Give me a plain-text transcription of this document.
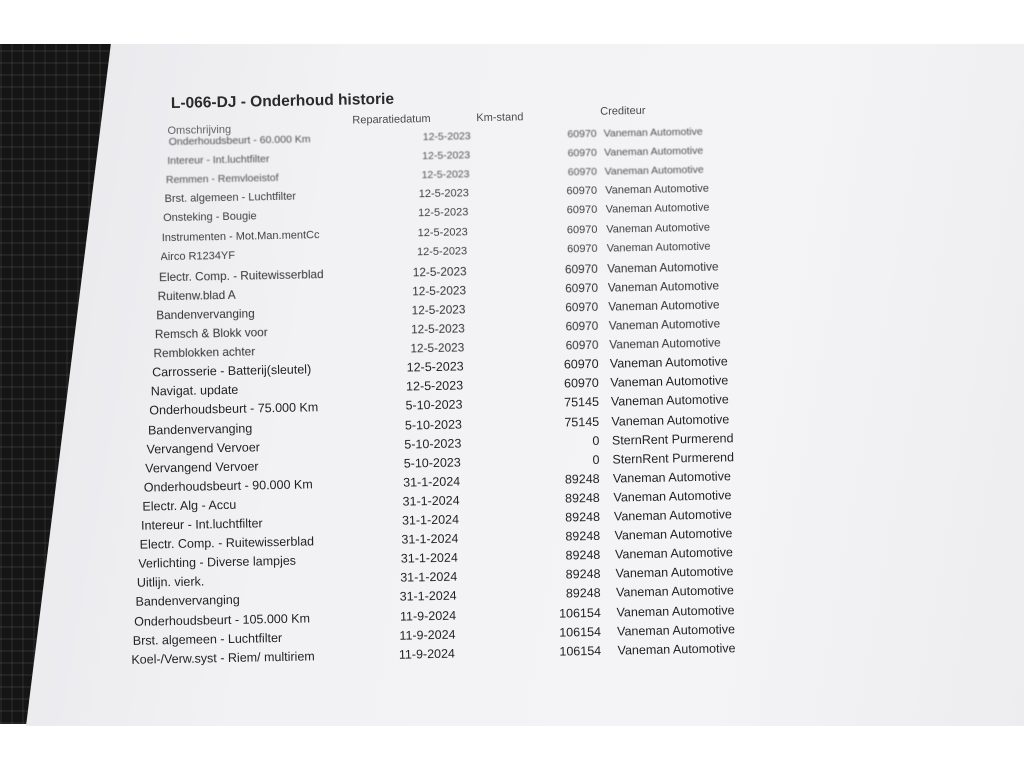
L-066-DJ - Onderhoud historie
Omschrijving
Reparatiedatum	Km-stand	Crediteur
Onderhoudsbeurt - 60.000 Km	12-5-2023	60970 Vaneman Automotive
Intereur - Int.luchtfilter	12-5-2023	60970 Vaneman Automotive
Remmen - Remvloeistof	12-5-2023	60970 Vaneman Automotive
Brst. algemeen - Luchtfilter	12-5-2023	60970 Vaneman Automotive
Onsteking - Bougie	12-5-2023	60970 Vaneman Automotive
Instrumenten - Mot.Man.mentCc	12-5-2023	60970 Vaneman Automotive
Airco R1234YF	12-5-2023	60970 Vaneman Automotive
Electr. Comp. - Ruitewisserblad	12-5-2023	60970 Vaneman Automotive
Ruitenw.blad A	12-5-2023	60970 Vaneman Automotive
Bandenvervanging	12-5-2023	60970 Vaneman Automotive
Remsch & Blokk voor	12-5-2023	60970 Vaneman Automotive
Remblokken achter	12-5-2023	60970 Vaneman Automotive
Carrosserie - Batterij(sleutel)	12-5-2023	60970 Vaneman Automotive
Navigat. update	12-5-2023	60970 Vaneman Automotive
Onderhoudsbeurt - 75.000 Km	5-10-2023	75145 Vaneman Automotive
Bandenvervanging	5-10-2023	75145 Vaneman Automotive
Vervangend Vervoer	5-10-2023	0 SternRent Purmerend
Vervangend Vervoer	5-10-2023	0 SternRent Purmerend
Onderhoudsbeurt - 90.000 Km	31-1-2024	89248 Vaneman Automotive
Electr. Alg - Accu	31-1-2024	89248 Vaneman Automotive
Intereur - Int.luchtfilter	31-1-2024	89248 Vaneman Automotive
Electr. Comp. - Ruitewisserblad	31-1-2024	89248 Vaneman Automotive
Verlichting - Diverse lampjes	31-1-2024	89248 Vaneman Automotive
Uitlijn. vierk.	31-1-2024	89248 Vaneman Automotive
Bandenvervanging	31-1-2024	89248 Vaneman Automotive
Onderhoudsbeurt - 105.000 Km	11-9-2024	106154 Vaneman Automotive
Brst. algemeen - Luchtfilter	11-9-2024	106154 Vaneman Automotive
Koel-/Verw.syst - Riem/ multiriem	11-9-2024	106154 Vaneman Automotive
